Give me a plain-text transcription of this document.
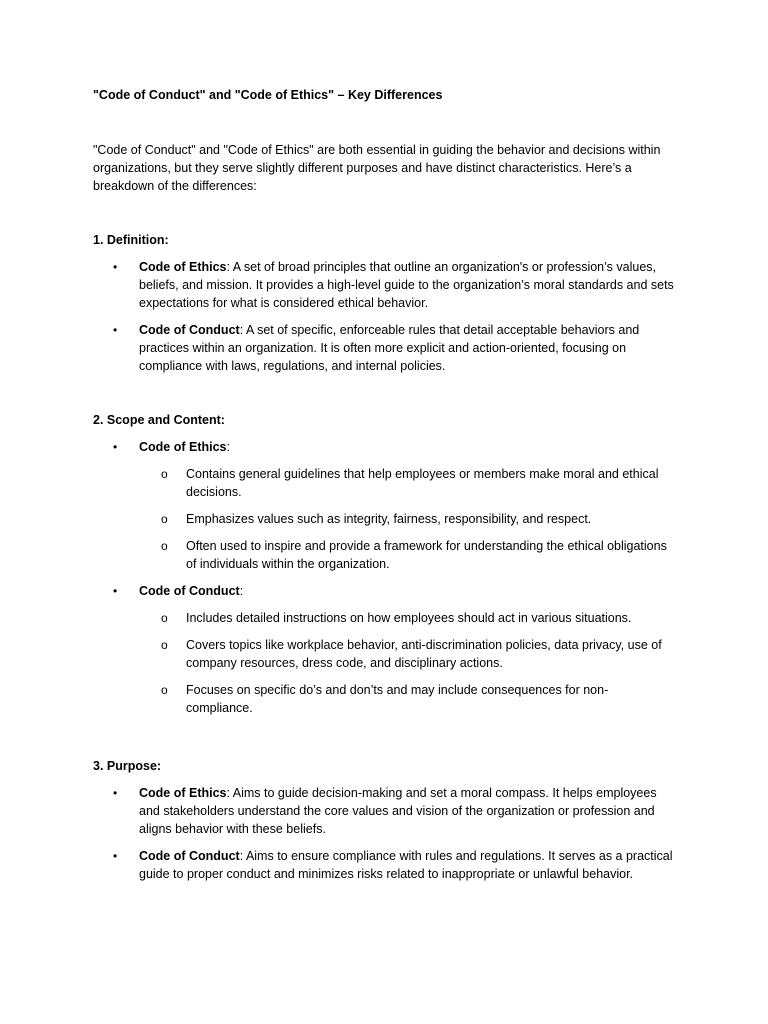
"Code of Conduct" and "Code of Ethics" – Key Differences

"Code of Conduct" and "Code of Ethics" are both essential in guiding the behavior and decisions within organizations, but they serve slightly different purposes and have distinct characteristics. Here’s a breakdown of the differences:

1. Definition:

• Code of Ethics: A set of broad principles that outline an organization's or profession’s values, beliefs, and mission. It provides a high-level guide to the organization’s moral standards and sets expectations for what is considered ethical behavior.
• Code of Conduct: A set of specific, enforceable rules that detail acceptable behaviors and practices within an organization. It is often more explicit and action-oriented, focusing on compliance with laws, regulations, and internal policies.

2. Scope and Content:

• Code of Ethics:
o Contains general guidelines that help employees or members make moral and ethical decisions.
o Emphasizes values such as integrity, fairness, responsibility, and respect.
o Often used to inspire and provide a framework for understanding the ethical obligations of individuals within the organization.
• Code of Conduct:
o Includes detailed instructions on how employees should act in various situations.
o Covers topics like workplace behavior, anti-discrimination policies, data privacy, use of company resources, dress code, and disciplinary actions.
o Focuses on specific do’s and don’ts and may include consequences for non-compliance.

3. Purpose:

• Code of Ethics: Aims to guide decision-making and set a moral compass. It helps employees and stakeholders understand the core values and vision of the organization or profession and aligns behavior with these beliefs.
• Code of Conduct: Aims to ensure compliance with rules and regulations. It serves as a practical guide to proper conduct and minimizes risks related to inappropriate or unlawful behavior.
